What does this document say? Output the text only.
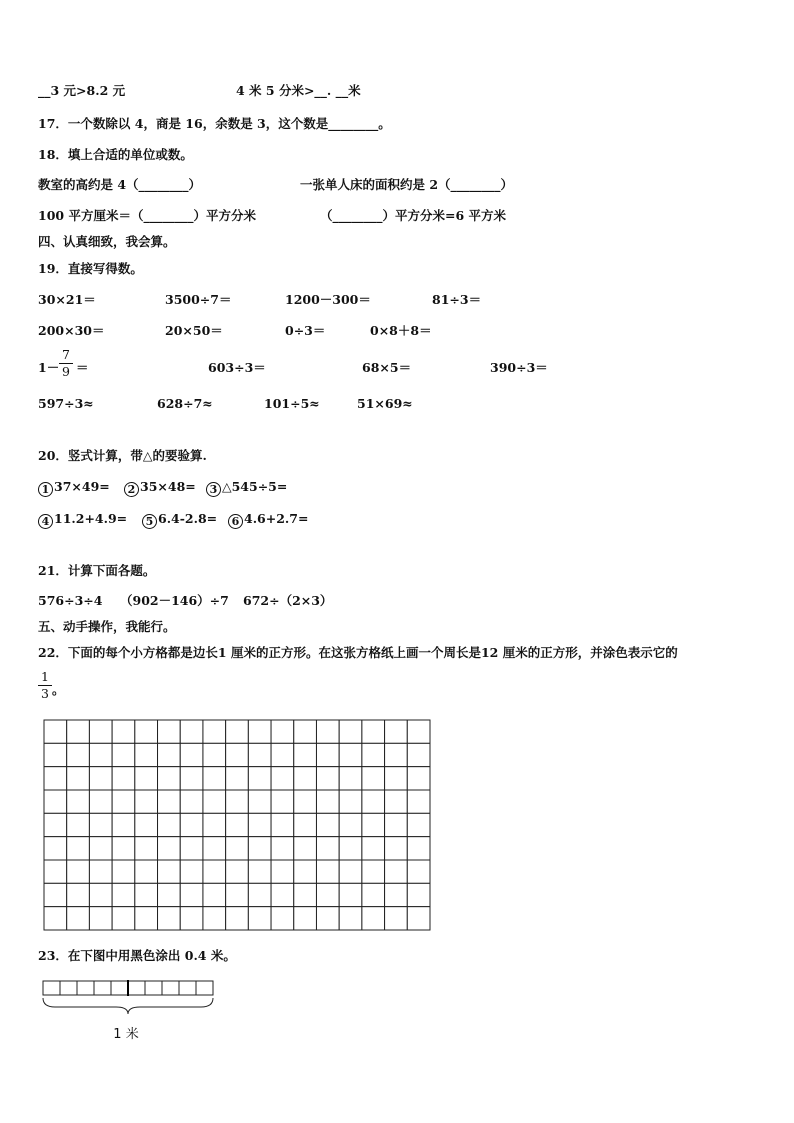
__3 元>8.2 元	4 米 5 分米>__. __米
17．一个数除以 4，商是 16，余数是 3，这个数是________。
18．填上合适的单位或数。
教室的高约是 4（________）	一张单人床的面积约是 2（________）
100 平方厘米＝（________）平方分米	（________）平方分米=6 平方米
四、认真细致，我会算。
19．直接写得数。
30×21＝	3500÷7＝	1200－300＝	81÷3＝
200×30＝	20×50＝	0÷3＝	0×8＋8＝
1－
7
9 ＝	603÷3＝	68×5＝	390÷3＝
597÷3≈	628÷7≈	101÷5≈	51×69≈
20．竖式计算，带△的要验算.
1 37×49=	2 35×48=	3 △545÷5=
4 11.2+4.9=	5 6.4-2.8=	6 4.6+2.7=
21．计算下面各题。
576÷3÷4 （902－146）÷7 672÷（2×3）
五、动手操作，我能行。
22．下面的每个小方格都是边长1 厘米的正方形。在这张方格纸上画一个周长是12 厘米的正方形，并涂色表示它的
1
3 。
23．在下图中用黑色涂出 0.4 米。
1 米
